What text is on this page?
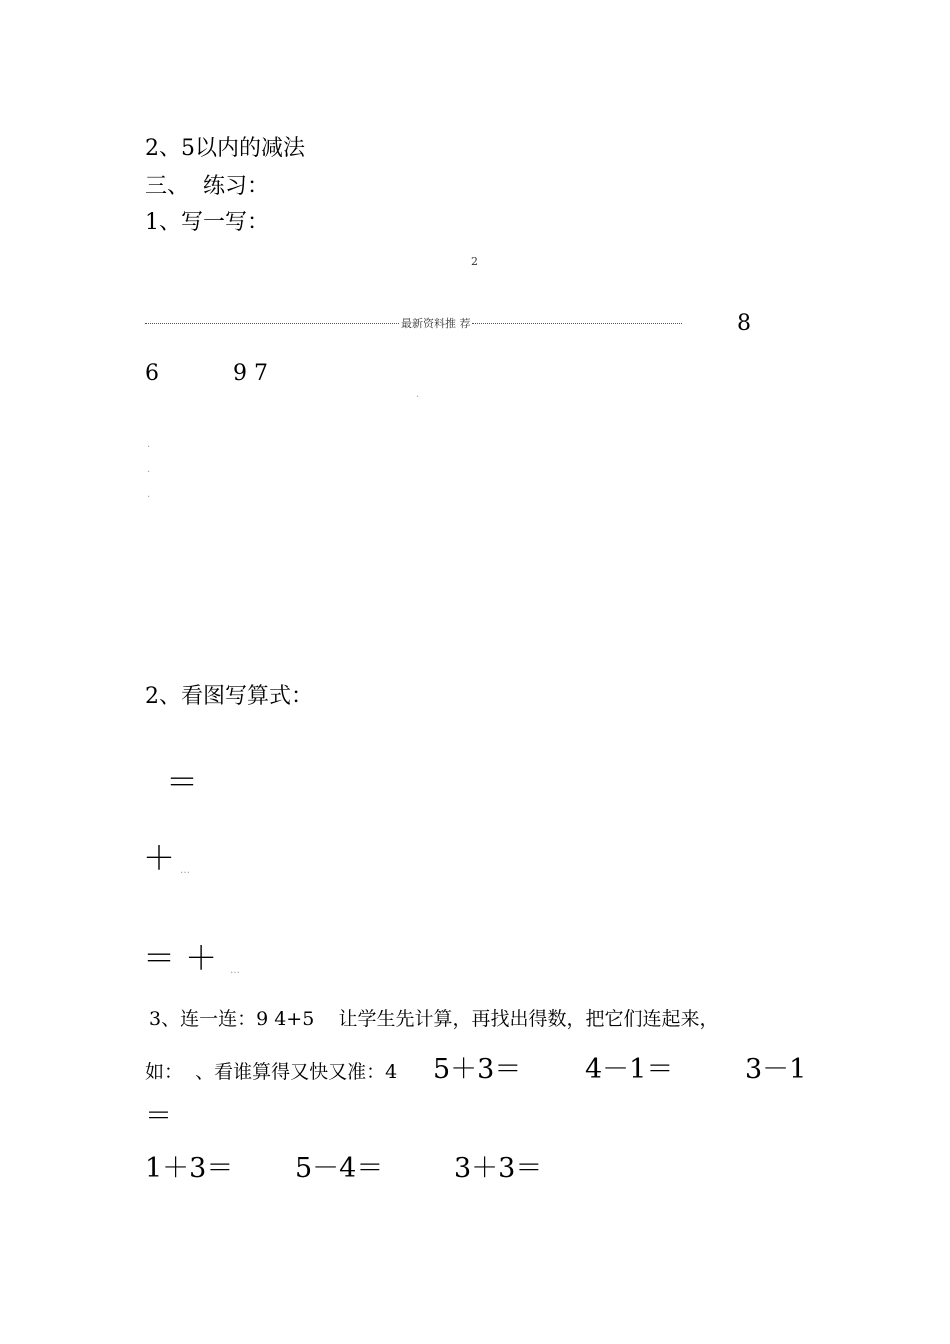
2、5以内的减法
三、  练习：
1、写一写：
2
最新资料推 荐	8
6	9 7
.
.
.
.
2、看图写算式：
＝
＋ …
＝ ＋ …
3、连一连：9 4+5    让学生先计算，再找出得数，把它们连起来，
如：  、看谁算得又快又准：4 5＋3＝ 4－1＝	3－1
＝
1＋3＝ 5－4＝	3＋3＝
